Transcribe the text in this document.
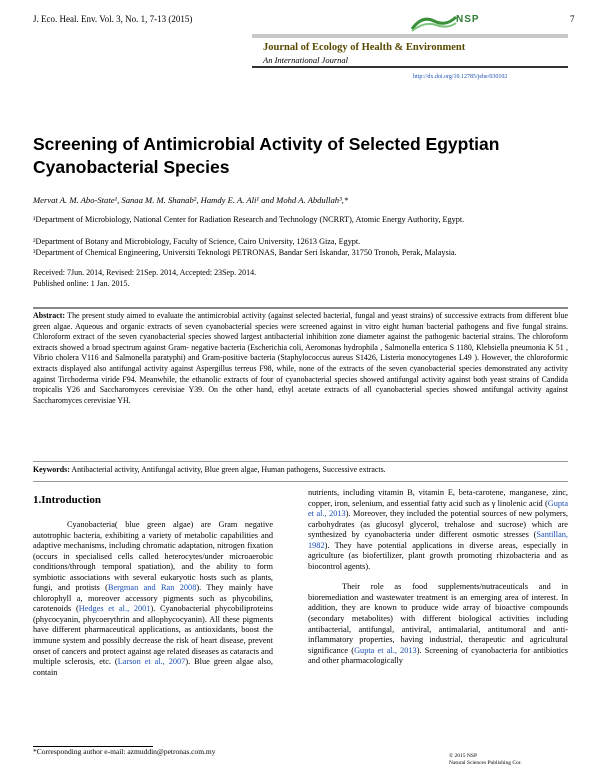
J. Eco. Heal. Env. Vol. 3, No. 1, 7-13 (2015)	7
NSP
Journal of Ecology of Health & Environment
An International Journal
http://dx.doi.org/10.12785/jehe/030102
Screening of Antimicrobial Activity of Selected Egyptian Cyanobacterial Species
Mervat A. M. Abo-State¹, Sanaa M. M. Shanab², Hamdy E. A. Ali¹ and Mohd A. Abdullah³,*
¹Department of Microbiology, National Center for Radiation Research and Technology (NCRRT), Atomic Energy Authority, Egypt.
²Department of Botany and Microbiology, Faculty of Science, Cairo University, 12613 Giza, Egypt.
³Department of Chemical Engineering, Universiti Teknologi PETRONAS, Bandar Seri Iskandar, 31750 Tronoh, Perak, Malaysia.
Received: 7Jun. 2014, Revised: 21Sep. 2014, Accepted: 23Sep. 2014.
Published online: 1 Jan. 2015.
Abstract: The present study aimed to evaluate the antimicrobial activity (against selected bacterial, fungal and yeast strains) of successive extracts from different blue green algae. Aqueous and organic extracts of seven cyanobacterial species were screened against in vitro eight human bacterial pathogens and five fungal strains. Chloroform extract of the seven cyanobacterial species showed largest antibacterial inhibition zone diameter against the pathogenic bacterial strains. The chloroform extracts showed a broad spectrum against Gram- negative bacteria (Escherichia coli, Aeromonas hydrophila , Salmonella enterica S 1180, Klebsiella pneumonia K 51 , Vibrio cholera V116 and Salmonella paratyphi) and Gram-positive bacteria (Staphylococcus aureus S1426, Listeria monocytogenes L49 ). However, the chloroformic extracts displayed also antifungal activity against Aspergillus terreus F98, while, none of the extracts of the seven cyanobacterial species demonstrated any activity against Tirchoderma viride F94. Meanwhile, the ethanolic extracts of four of cyanobacterial species showed antifungal activity against both yeast strains of Candida tropicalis Y26 and Saccharomyces cerevisiae Y39. On the other hand, ethyl acetate extracts of all cyanobacterial species showed antifungal activity against Saccharomyces cerevisiae YH.
Keywords: Antibacterial activity, Antifungal activity, Blue green algae, Human pathogens, Successive extracts.
1.Introduction
Cyanobacteria( blue green algae) are Gram negative autotrophic bacteria, exhibiting a variety of metabolic capabilities and adaptive mechanisms, including chromatic adaptation, nitrogen fixation (occurs in specialised cells called heterocytes/under microaerobic conditions/through temporal spatiation), and the ability to form symbiotic associations with several eukaryotic hosts such as plants, fungi, and protists (Bergman and Ran 2008). They mainly have chlorophyll a, moreover accessory pigments such as phycobilins, carotenoids (Hedges et al., 2001). Cyanobacterial phycobiliproteins (phycocyanin, phycoerythrin and allophycocyanin). All these pigments have different pharmaceutical applications, as antioxidants, boost the immune system and possibly decrease the risk of heart disease, prevent onset of cancers and protect against age related diseases as cataracts and multiple sclerosis, etc. (Larson et al., 2007). Blue green algae also, contain
nutrients, including vitamin B, vitamin E, beta-carotene, manganese, zinc, copper, iron, selenium, and essential fatty acid such as γ linolenic acid (Gupta et al., 2013). Moreover, they included the potential sources of new polymers, carbohydrates (as glucosyl glycerol, trehalose and sucrose) which are synthesized by cyanobacteria under different osmotic stresses (Santillan, 1982). They have potential applications in diverse areas, especially in agriculture (as biofertilizer, plant growth promoting rhizobacteria and as biocontrol agents).
Their role as food supplements/nutraceuticals and in bioremediation and wastewater treatment is an emerging area of interest. In addition, they are known to produce wide array of bioactive compounds (secondary metabolites) with different biological activities including antibacterial, antifungal, antiviral, antimalarial, antitumoral and anti-inflammatory properties, having industrial, therapeutic and agricultural significance (Gupta et al., 2013). Screening of cyanobacteria for antibiotics and other pharmacologically
*Corresponding author e-mail: azmuddin@petronas.com.my	© 2015 NSP
Natural Sciences Publishing Cor.
